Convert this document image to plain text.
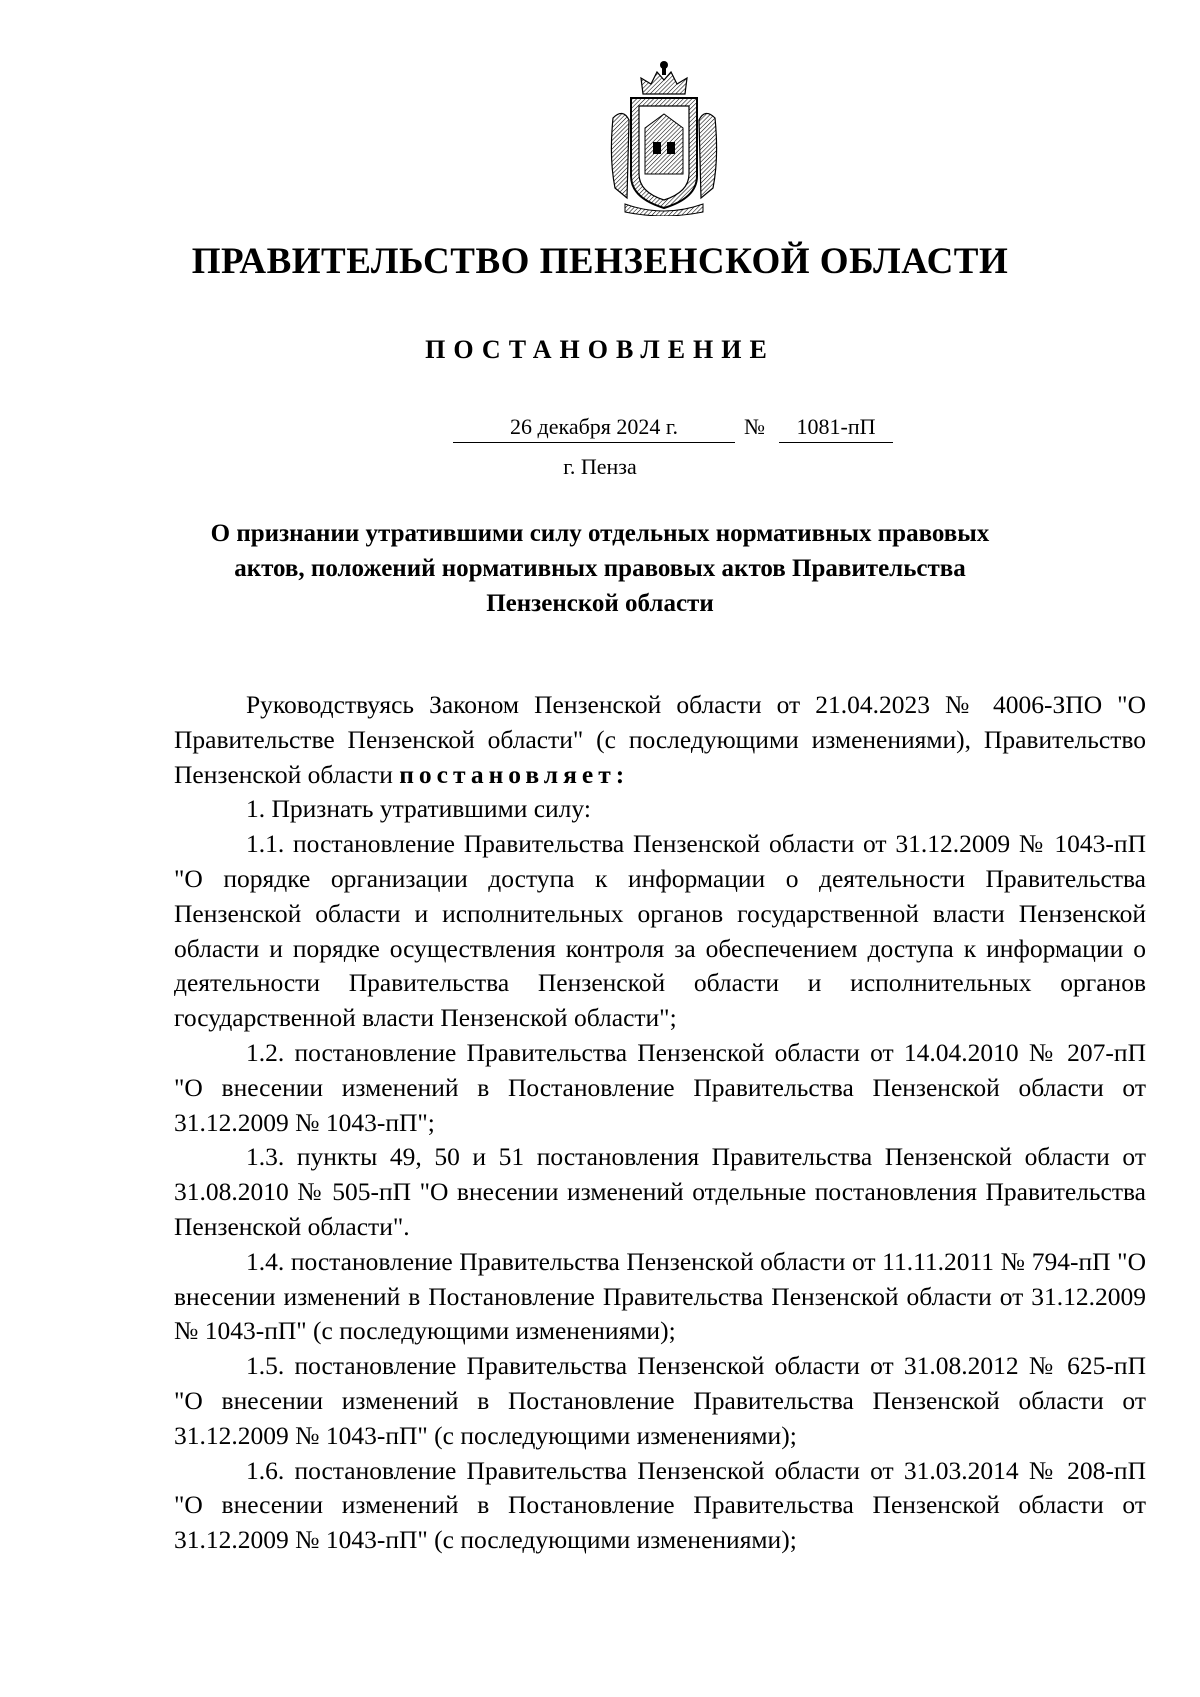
ПРАВИТЕЛЬСТВО ПЕНЗЕНСКОЙ ОБЛАСТИ
ПОСТАНОВЛЕНИЕ
26 декабря 2024 г.	№	1081-пП

г. Пенза

О признании утратившими силу отдельных нормативных правовых актов, положений нормативных правовых актов Правительства Пензенской области

Руководствуясь Законом Пензенской области от 21.04.2023 № 4006-ЗПО "О Правительстве Пензенской области" (с последующими изменениями), Правительство Пензенской области постановляет:

1. Признать утратившими силу:

1.1. постановление Правительства Пензенской области от 31.12.2009 № 1043-пП "О порядке организации доступа к информации о деятельности Правительства Пензенской области и исполнительных органов государственной власти Пензенской области и порядке осуществления контроля за обеспечением доступа к информации о деятельности Правительства Пензенской области и исполнительных органов государственной власти Пензенской области";

1.2. постановление Правительства Пензенской области от 14.04.2010 № 207-пП "О внесении изменений в Постановление Правительства Пензенской области от 31.12.2009 № 1043-пП";

1.3. пункты 49, 50 и 51 постановления Правительства Пензенской области от 31.08.2010 № 505-пП "О внесении изменений отдельные постановления Правительства Пензенской области".

1.4. постановление Правительства Пензенской области от 11.11.2011 № 794-пП "О внесении изменений в Постановление Правительства Пензенской области от 31.12.2009 № 1043-пП" (с последующими изменениями);

1.5. постановление Правительства Пензенской области от 31.08.2012 № 625-пП "О внесении изменений в Постановление Правительства Пензенской области от 31.12.2009 № 1043-пП" (с последующими изменениями);

1.6. постановление Правительства Пензенской области от 31.03.2014 № 208-пП "О внесении изменений в Постановление Правительства Пензенской области от 31.12.2009 № 1043-пП" (с последующими изменениями);
